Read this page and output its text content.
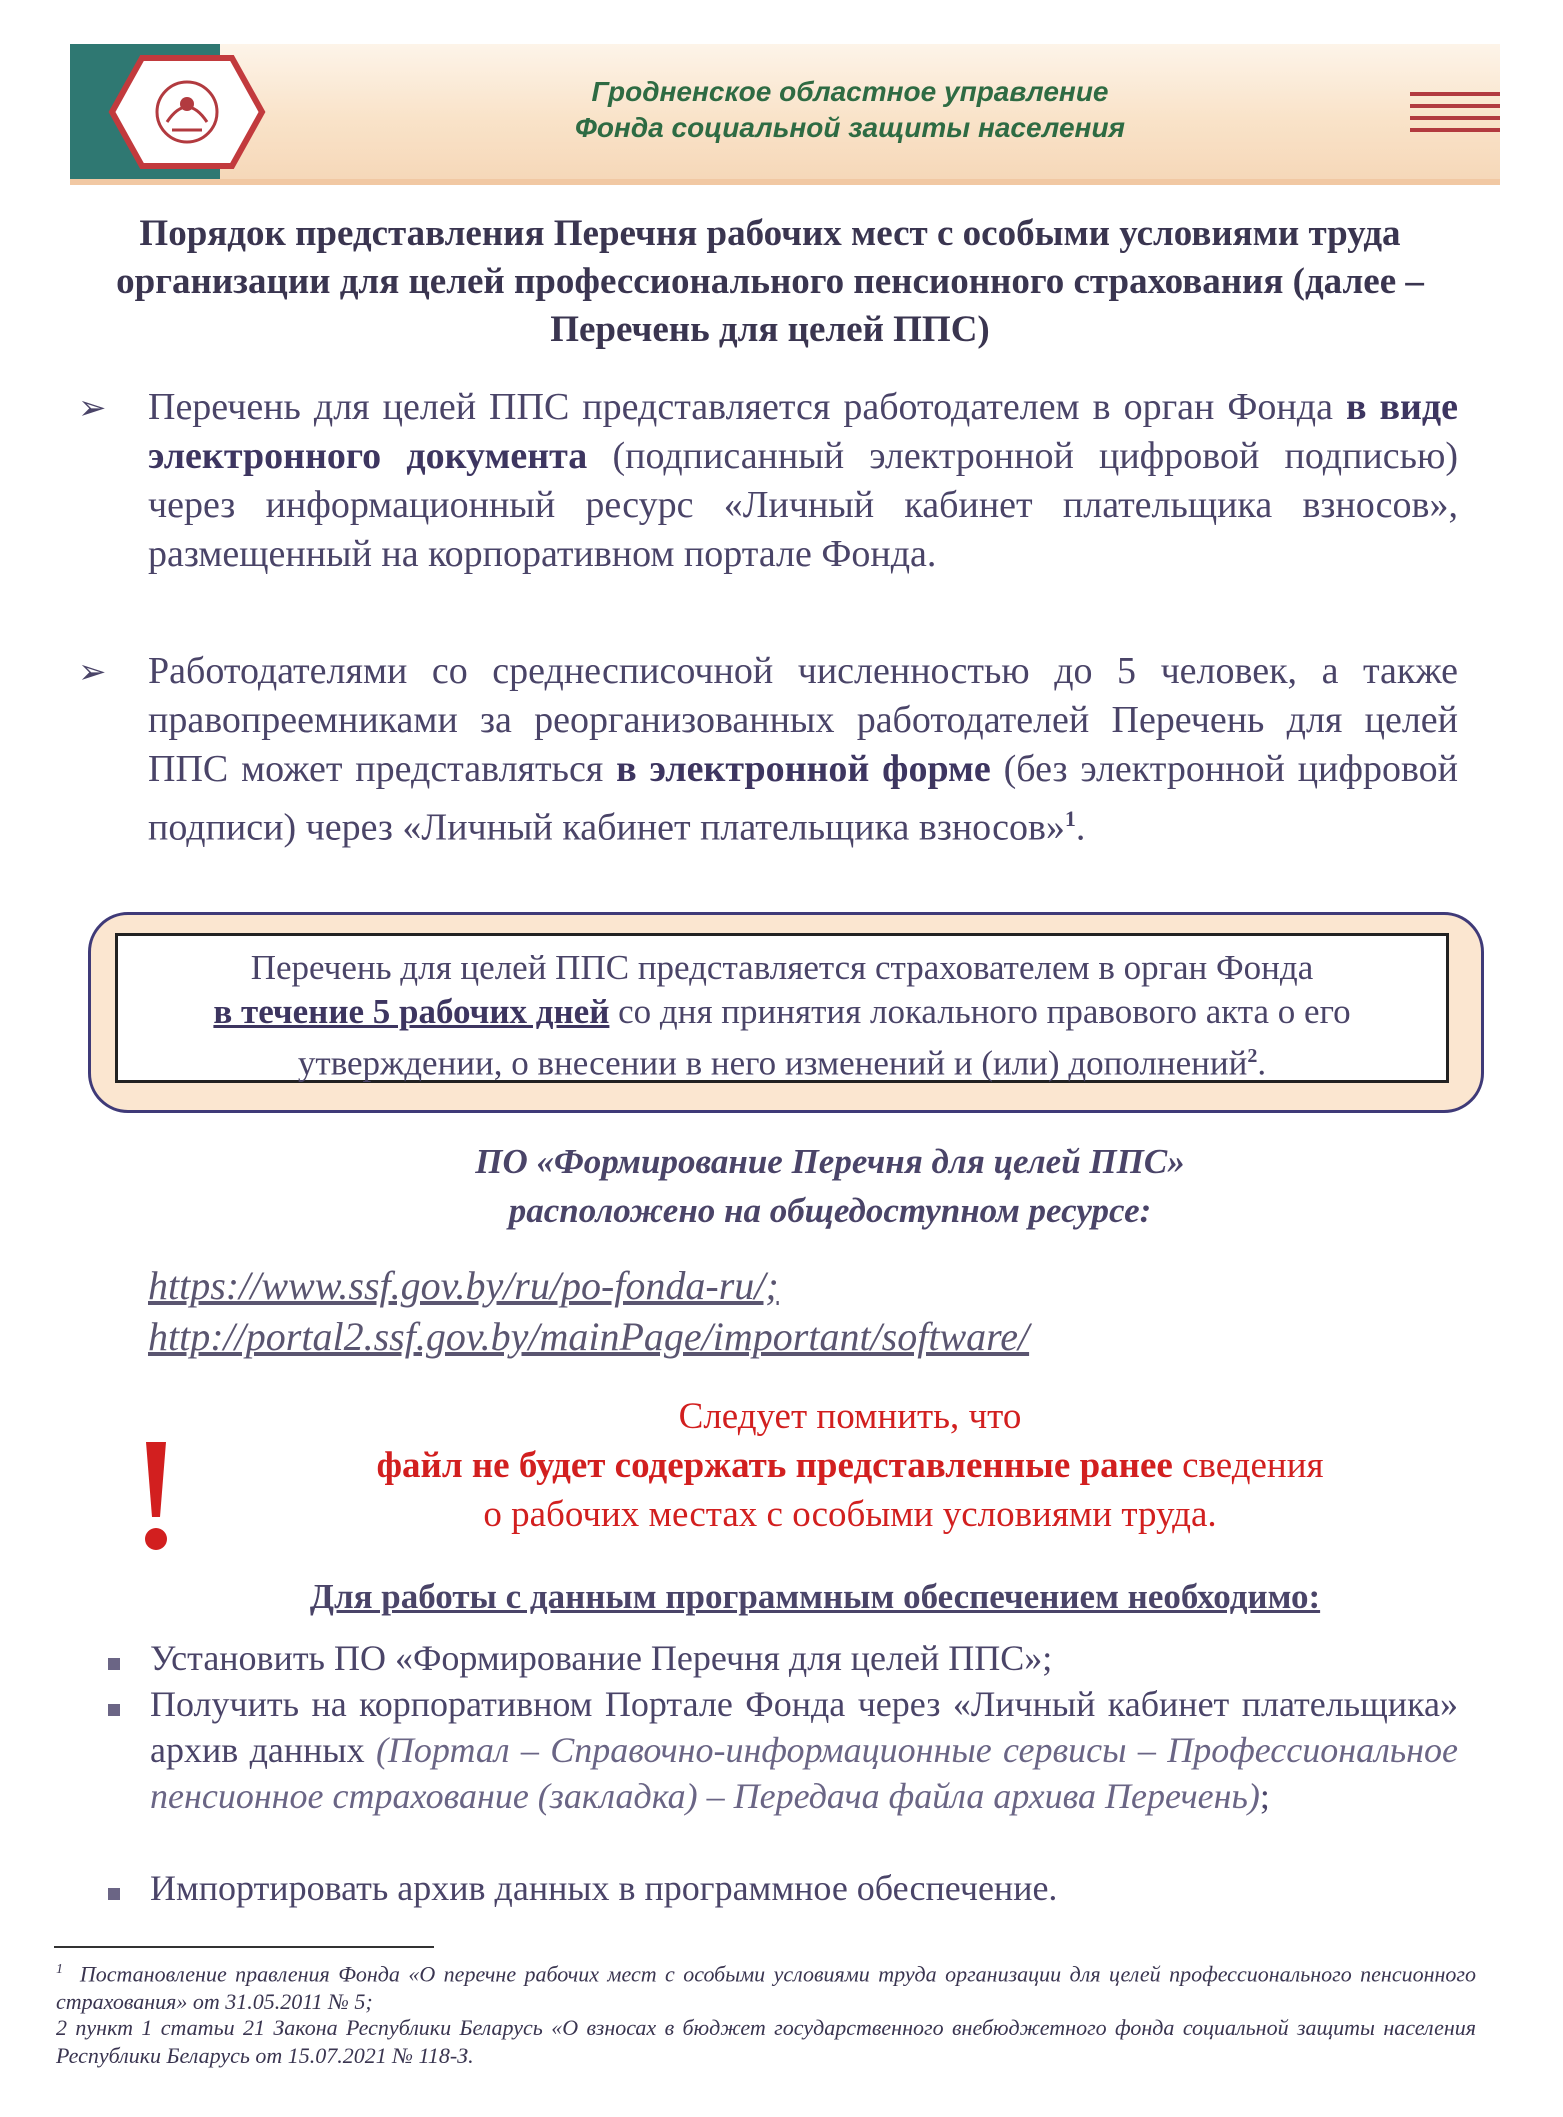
Гродненское областное управление
Фонда социальной защиты населения
Порядок представления Перечня рабочих мест с особыми условиями труда организации для целей профессионального пенсионного страхования (далее – Перечень для целей ППС)
➢	Перечень для целей ППС представляется работодателем в орган Фонда в виде электронного документа (подписанный электронной цифровой подписью) через информационный ресурс «Личный кабинет плательщика взносов», размещенный на корпоративном портале Фонда.
➢	Работодателями со среднесписочной численностью до 5 человек, а также правопреемниками за реорганизованных работодателей Перечень для целей ППС может представляться в электронной форме (без электронной цифровой подписи) через «Личный кабинет плательщика взносов»$^1$.
Перечень для целей ППС представляется страхователем в орган Фонда
в течение 5 рабочих дней со дня принятия локального правового акта о его утверждении, о внесении в него изменений и (или) дополнений$^2$.
ПО «Формирование Перечня для целей ППС»
расположено на общедоступном ресурсе:
https://www.ssf.gov.by/ru/po-fonda-ru/;
http://portal2.ssf.gov.by/mainPage/important/software/
Следует помнить, что
файл не будет содержать представленные ранее сведения
о рабочих местах с особыми условиями труда.
Для работы с данным программным обеспечением необходимо:
Установить ПО «Формирование Перечня для целей ППС»;
Получить на корпоративном Портале Фонда через «Личный кабинет плательщика» архив данных (Портал – Справочно-информационные сервисы – Профессиональное пенсионное страхование (закладка) – Передача файла архива Перечень);
Импортировать архив данных в программное обеспечение.
$^1$ Постановление правления Фонда «О перечне рабочих мест с особыми условиями труда организации для целей профессионального пенсионного страхования» от 31.05.2011 № 5;
2 пункт 1 статьи 21 Закона Республики Беларусь «О взносах в бюджет государственного внебюджетного фонда социальной защиты населения Республики Беларусь от 15.07.2021 № 118-З.
